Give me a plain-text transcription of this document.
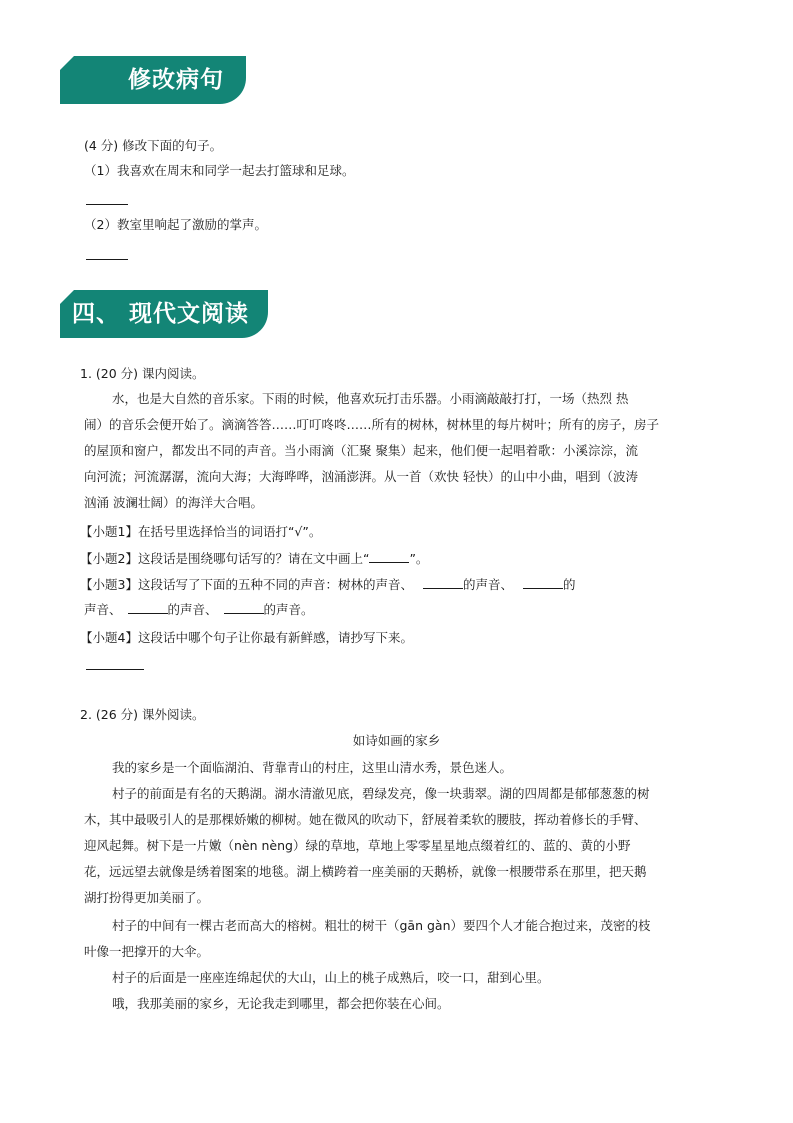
修改病句
(4 分) 修改下面的句子。
（1）我喜欢在周末和同学一起去打篮球和足球。
（2）教室里响起了激励的掌声。
四、 现代文阅读
1. (20 分) 课内阅读。
水，也是大自然的音乐家。下雨的时候，他喜欢玩打击乐器。小雨滴敲敲打打，一场（热烈 热
闹）的音乐会便开始了。滴滴答答……叮叮咚咚……所有的树林，树林里的每片树叶；所有的房子，房子
的屋顶和窗户，都发出不同的声音。当小雨滴（汇聚 聚集）起来，他们便一起唱着歌：小溪淙淙，流
向河流；河流潺潺，流向大海；大海哗哗，汹涌澎湃。从一首（欢快 轻快）的山中小曲，唱到（波涛
汹涌 波澜壮阔）的海洋大合唱。
【小题1】在括号里选择恰当的词语打“√”。
【小题2】这段话是围绕哪句话写的？请在文中画上“	”。
【小题3】这段话写了下面的五种不同的声音：树林的声音、	的声音、	的
声音、	的声音、	的声音。
【小题4】这段话中哪个句子让你最有新鲜感，请抄写下来。
2. (26 分) 课外阅读。
如诗如画的家乡
我的家乡是一个面临湖泊、背靠青山的村庄，这里山清水秀，景色迷人。
村子的前面是有名的天鹅湖。湖水清澈见底，碧绿发亮，像一块翡翠。湖的四周都是郁郁葱葱的树
木，其中最吸引人的是那棵娇嫩的柳树。她在微风的吹动下，舒展着柔软的腰肢，挥动着修长的手臂、
迎风起舞。树下是一片嫩（nèn nèng）绿的草地，草地上零零星星地点缀着红的、蓝的、黄的小野
花，远远望去就像是绣着图案的地毯。湖上横跨着一座美丽的天鹅桥，就像一根腰带系在那里，把天鹅
湖打扮得更加美丽了。
村子的中间有一棵古老而高大的榕树。粗壮的树干（gān gàn）要四个人才能合抱过来，茂密的枝
叶像一把撑开的大伞。
村子的后面是一座座连绵起伏的大山，山上的桃子成熟后，咬一口，甜到心里。
哦，我那美丽的家乡，无论我走到哪里，都会把你装在心间。
